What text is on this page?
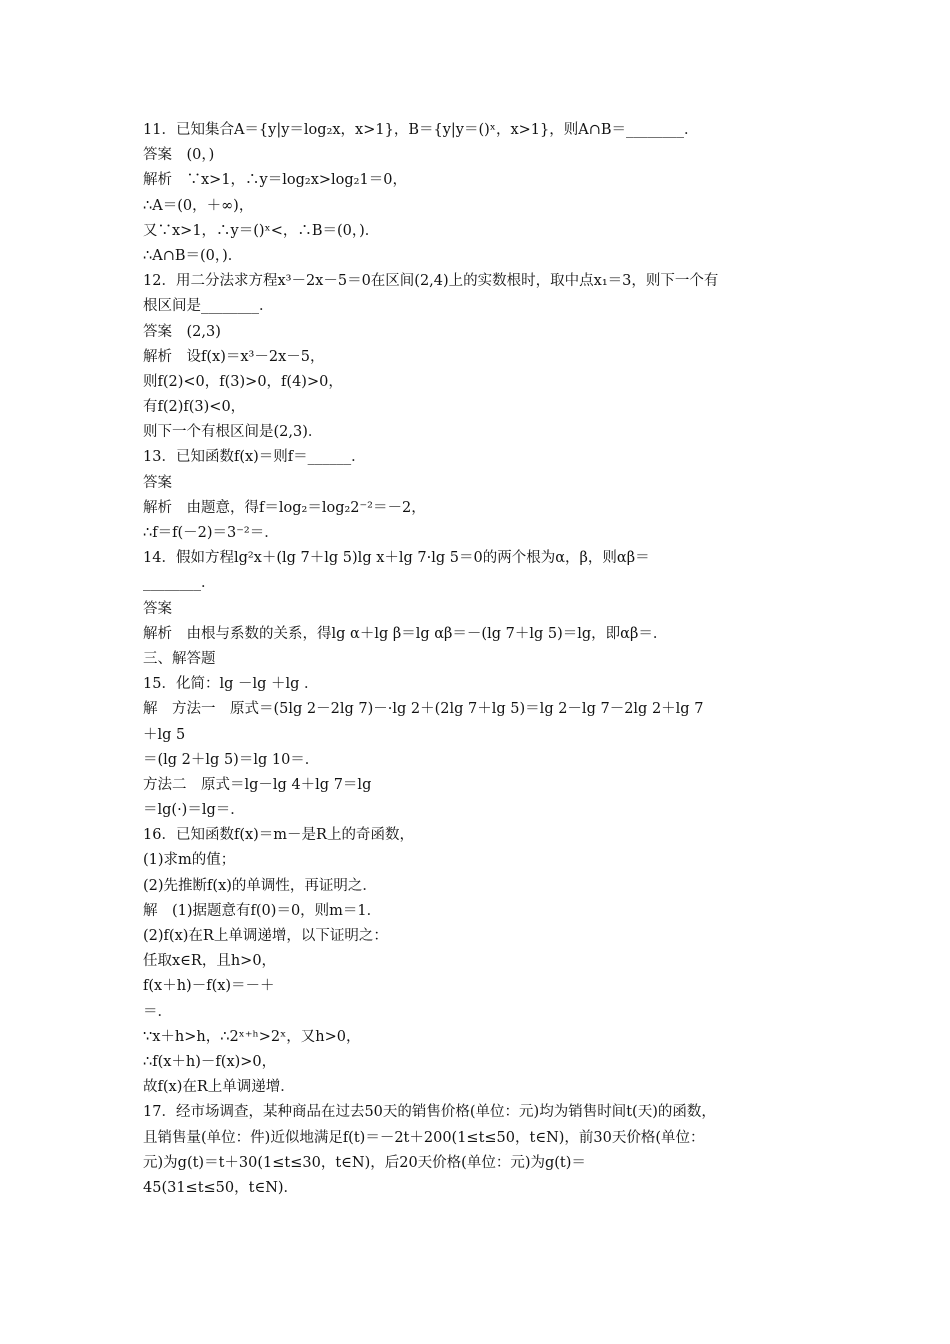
11．已知集合A＝{y|y＝log₂x，x>1}，B＝{y|y＝()ˣ，x>1}，则A∩B＝________．
答案　(0，)
解析　∵x>1，∴y＝log₂x>log₂1＝0，
∴A＝(0，＋∞)，
又∵x>1，∴y＝()ˣ<，∴B＝(0，)．
∴A∩B＝(0，)．
12．用二分法求方程x³－2x－5＝0在区间(2,4)上的实数根时，取中点x₁＝3，则下一个有
根区间是________．
答案　(2,3)
解析　设f(x)＝x³－2x－5，
则f(2)<0，f(3)>0，f(4)>0，
有f(2)f(3)<0，
则下一个有根区间是(2,3)．
13．已知函数f(x)＝则f＝______．
答案
解析　由题意，得f＝log₂＝log₂2⁻²＝－2，
∴f＝f(－2)＝3⁻²＝．
14．假如方程lg²x＋(lg 7＋lg 5)lg x＋lg 7·lg 5＝0的两个根为α，β，则αβ＝
________．
答案
解析　由根与系数的关系，得lg α＋lg β＝lg αβ＝－(lg 7＋lg 5)＝lg，即αβ＝．
三、解答题
15．化简：lg －lg ＋lg ．
解　方法一　原式＝(5lg 2－2lg 7)－·lg 2＋(2lg 7＋lg 5)＝lg 2－lg 7－2lg 2＋lg 7
＋lg 5
＝(lg 2＋lg 5)＝lg 10＝．
方法二　原式＝lg－lg 4＋lg 7＝lg
＝lg(·)＝lg＝．
16．已知函数f(x)＝m－是R上的奇函数，
(1)求m的值；
(2)先推断f(x)的单调性，再证明之．
解　(1)据题意有f(0)＝0，则m＝1．
(2)f(x)在R上单调递增，以下证明之：
任取x∈R，且h>0，
f(x＋h)－f(x)＝－＋
＝．
∵x＋h>h，∴2ˣ⁺ʰ>2ˣ，又h>0，
∴f(x＋h)－f(x)>0，
故f(x)在R上单调递增．
17．经市场调查，某种商品在过去50天的销售价格(单位：元)均为销售时间t(天)的函数，
且销售量(单位：件)近似地满足f(t)＝－2t＋200(1≤t≤50，t∈N)，前30天价格(单位：
元)为g(t)＝t＋30(1≤t≤30，t∈N)，后20天价格(单位：元)为g(t)＝
45(31≤t≤50，t∈N)．
